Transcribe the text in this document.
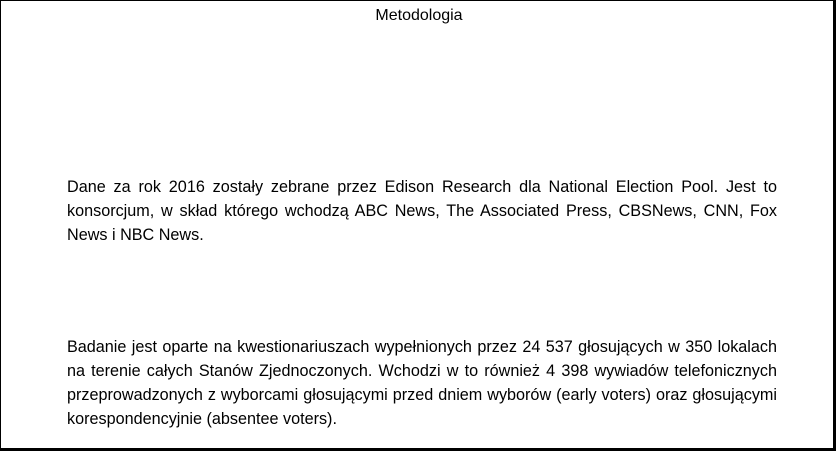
Metodologia

Dane za rok 2016 zostały zebrane przez Edison Research dla National Election Pool. Jest to konsorcjum, w skład którego wchodzą ABC News, The Associated Press, CBSNews, CNN, Fox News i NBC News.

Badanie jest oparte na kwestionariuszach wypełnionych przez 24 537 głosujących w 350 lokalach na terenie całych Stanów Zjednoczonych. Wchodzi w to również 4 398 wywiadów telefonicznych przeprowadzonych z wyborcami głosującymi przed dniem wyborów (early voters) oraz głosującymi korespondencyjnie (absentee voters).
